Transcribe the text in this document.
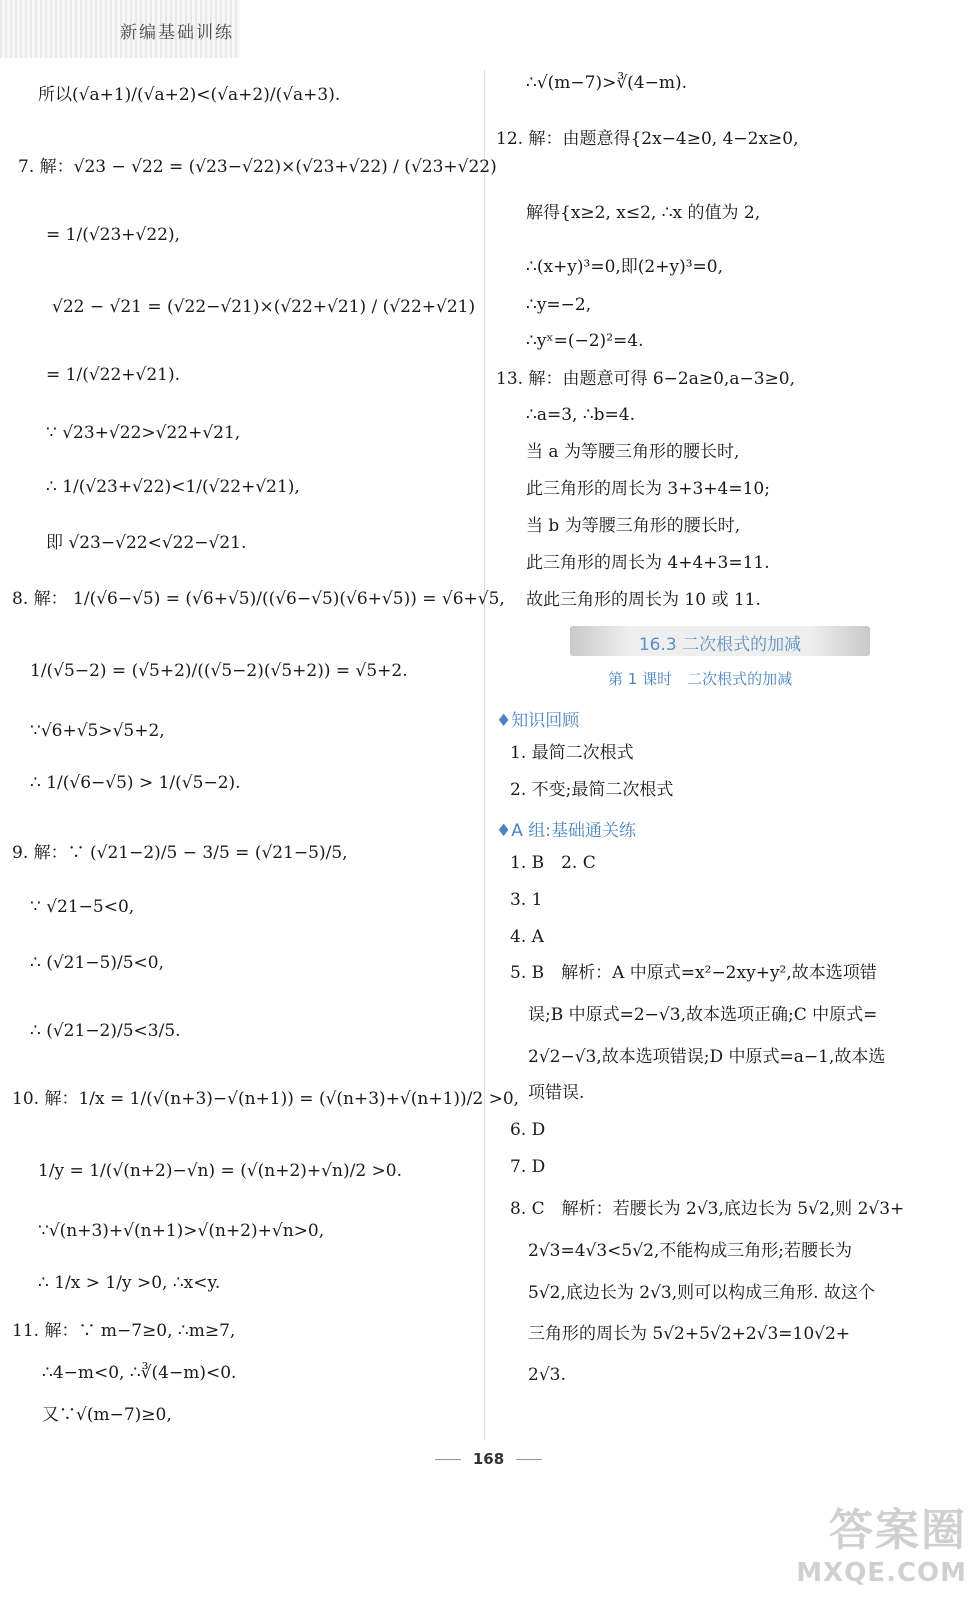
新编基础训练
所以(√a+1)/(√a+2)<(√a+2)/(√a+3).
7. 解：√23 − √22 = (√23−√22)×(√23+√22) / (√23+√22)
= 1/(√23+√22),
√22 − √21 = (√22−√21)×(√22+√21) / (√22+√21)
= 1/(√22+√21).
∵ √23+√22>√22+√21,
∴ 1/(√23+√22)<1/(√22+√21),
即 √23−√22<√22−√21.
8. 解： 1/(√6−√5) = (√6+√5)/((√6−√5)(√6+√5)) = √6+√5,
1/(√5−2) = (√5+2)/((√5−2)(√5+2)) = √5+2.
∵√6+√5>√5+2,
∴ 1/(√6−√5) > 1/(√5−2).
9. 解：∵ (√21−2)/5 − 3/5 = (√21−5)/5,
∵ √21−5<0,
∴ (√21−5)/5<0,
∴ (√21−2)/5<3/5.
10. 解：1/x = 1/(√(n+3)−√(n+1)) = (√(n+3)+√(n+1))/2 >0,
1/y = 1/(√(n+2)−√n) = (√(n+2)+√n)/2 >0.
∵√(n+3)+√(n+1)>√(n+2)+√n>0,
∴ 1/x > 1/y >0, ∴x<y.
11. 解：∵ m−7≥0, ∴m≥7,
∴4−m<0, ∴∛(4−m)<0.
又∵√(m−7)≥0,
∴√(m−7)>∛(4−m).
12. 解：由题意得{2x−4≥0, 4−2x≥0,
解得{x≥2, x≤2, ∴x 的值为 2,
∴(x+y)³=0,即(2+y)³=0,
∴y=−2,
∴yˣ=(−2)²=4.
13. 解：由题意可得 6−2a≥0,a−3≥0,
∴a=3, ∴b=4.
当 a 为等腰三角形的腰长时,
此三角形的周长为 3+3+4=10;
当 b 为等腰三角形的腰长时,
此三角形的周长为 4+4+3=11.
故此三角形的周长为 10 或 11.
16.3 二次根式的加减
第 1 课时　二次根式的加减
♦知识回顾
1. 最简二次根式
2. 不变;最简二次根式
♦A 组:基础通关练
1. B　2. C
3. 1
4. A
5. B　解析：A 中原式=x²−2xy+y²,故本选项错
误;B 中原式=2−√3,故本选项正确;C 中原式=
2√2−√3,故本选项错误;D 中原式=a−1,故本选
项错误.
6. D
7. D
8. C　解析：若腰长为 2√3,底边长为 5√2,则 2√3+
2√3=4√3<5√2,不能构成三角形;若腰长为
5√2,底边长为 2√3,则可以构成三角形. 故这个
三角形的周长为 5√2+5√2+2√3=10√2+
2√3.
168
答案圈
MXQE.COM
